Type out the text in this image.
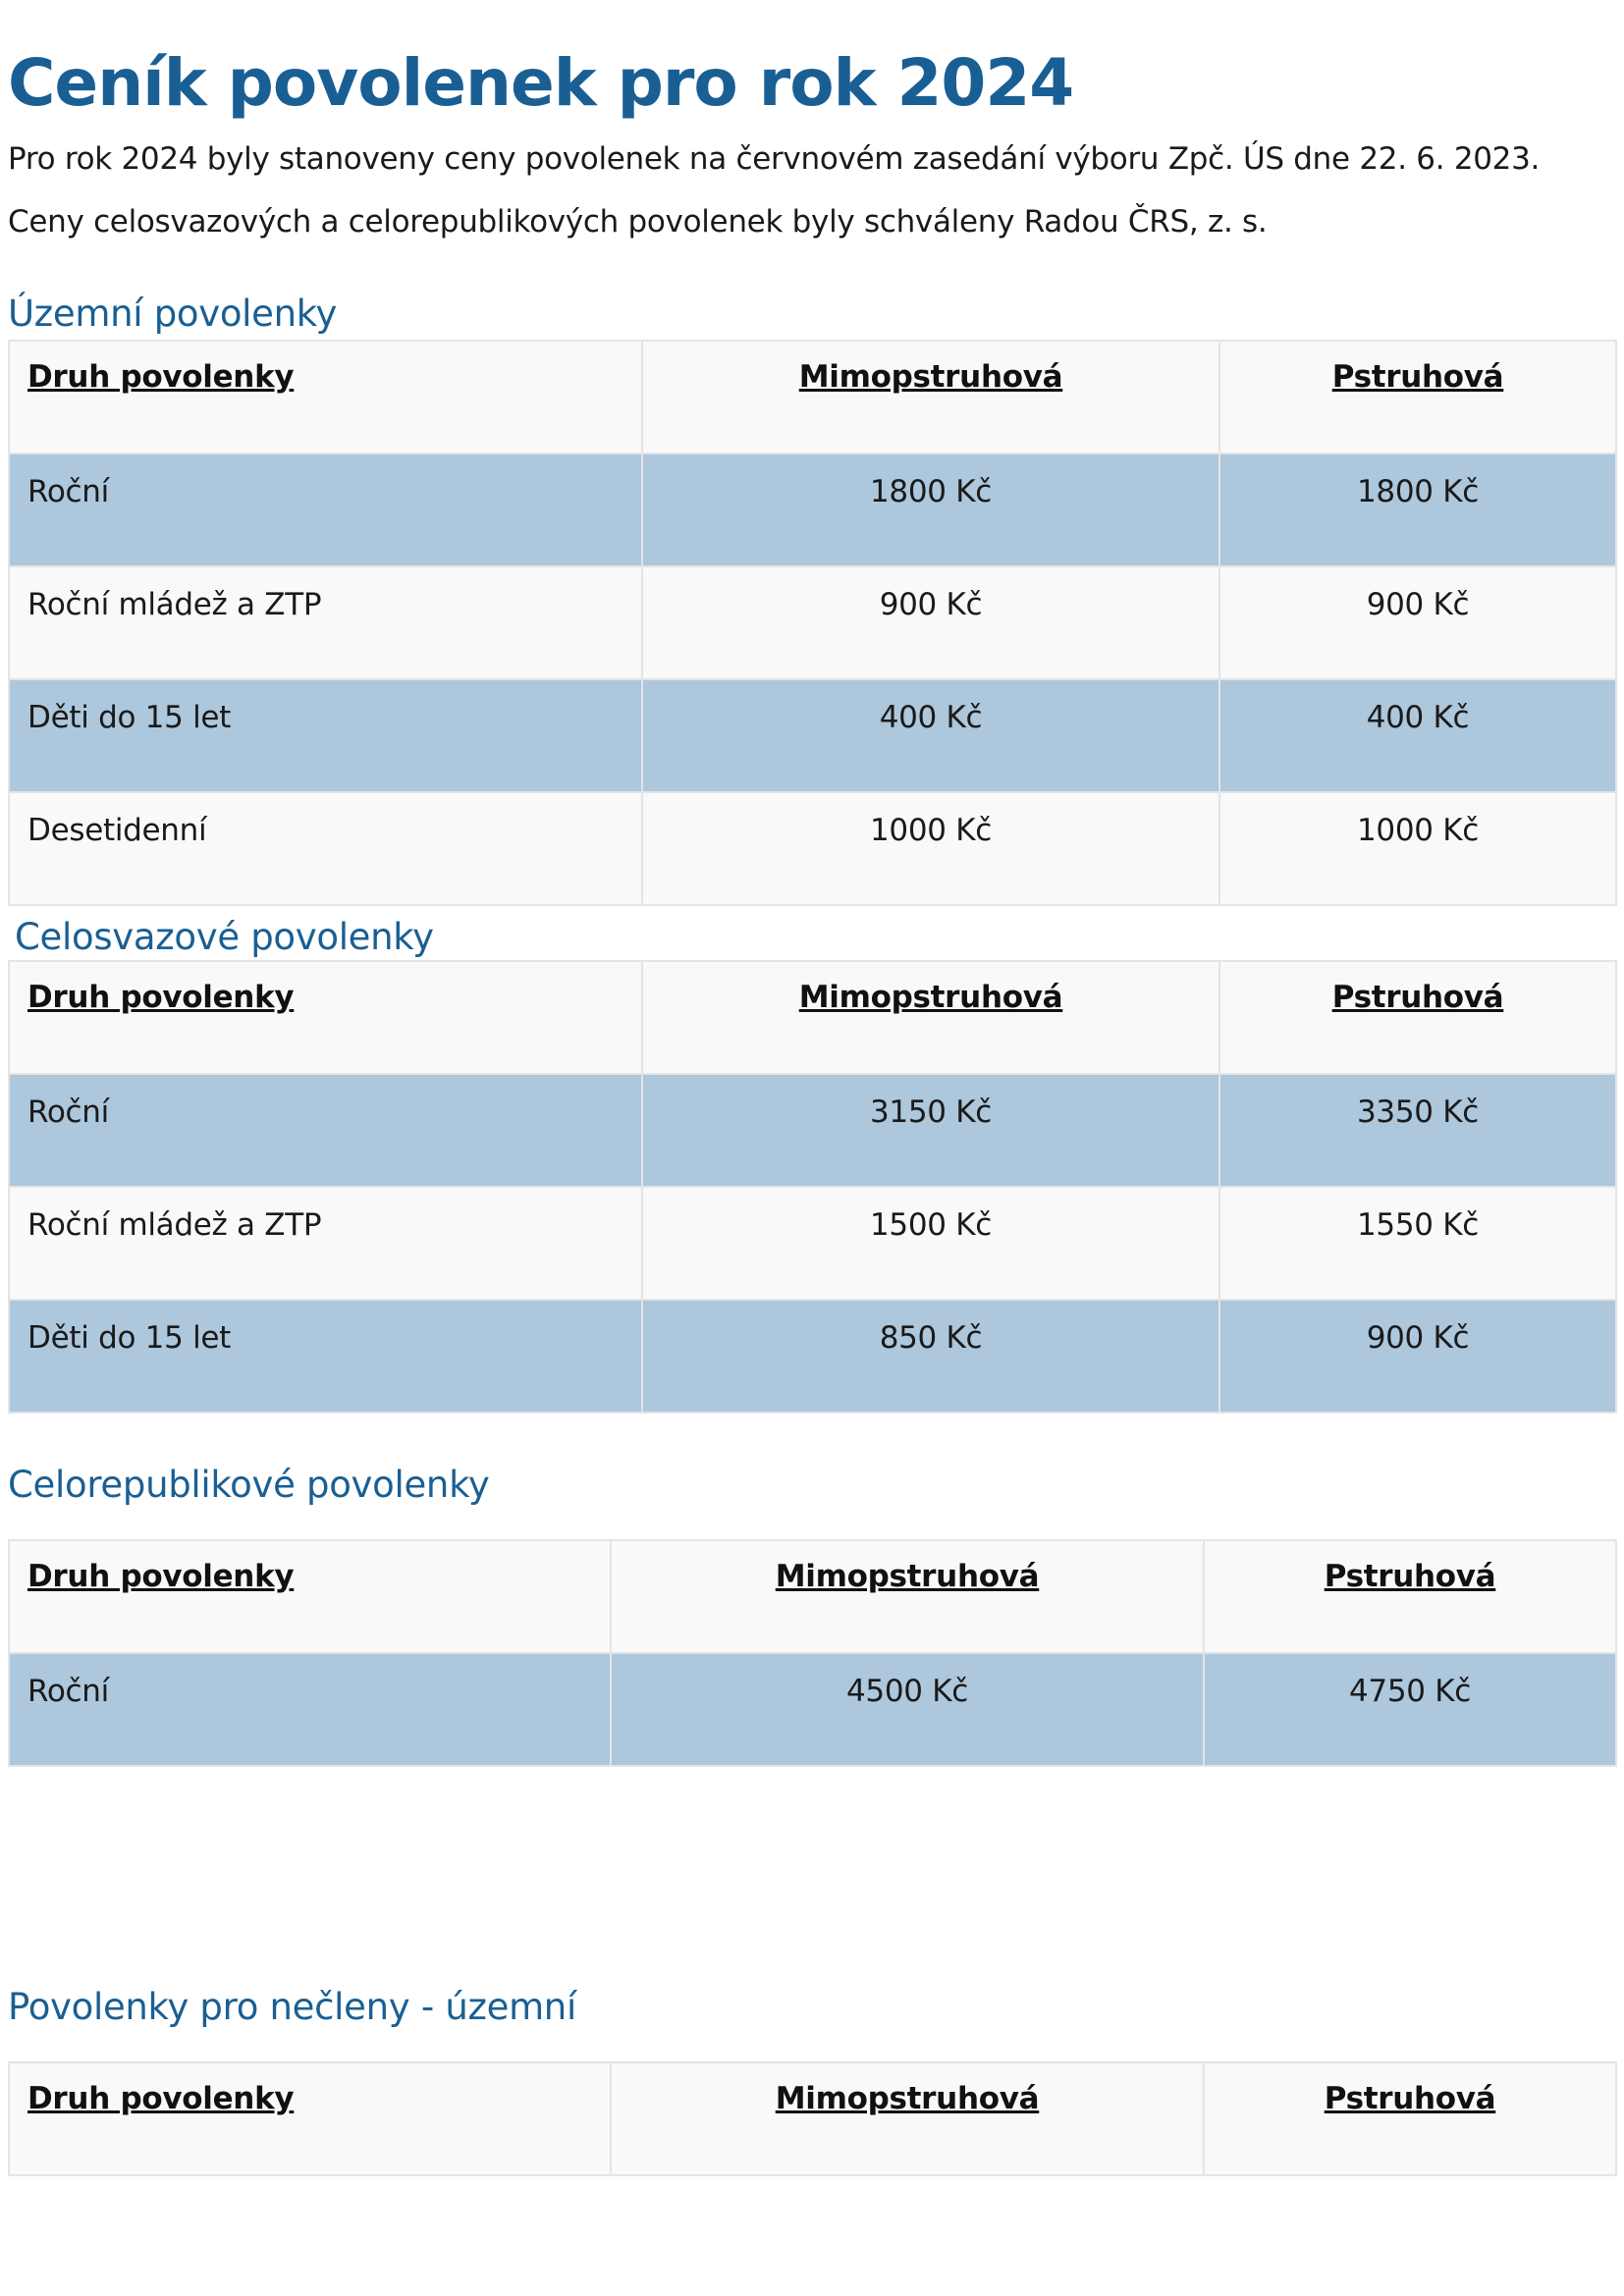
Ceník povolenek pro rok 2024

Pro rok 2024 byly stanoveny ceny povolenek na červnovém zasedání výboru Zpč. ÚS dne 22. 6. 2023.

Ceny celosvazových a celorepublikových povolenek byly schváleny Radou ČRS, z. s.

Územní povolenky
Druh povolenky	Mimopstruhová	Pstruhová
Roční	1800 Kč	1800 Kč
Roční mládež a ZTP	900 Kč	900 Kč
Děti do 15 let	400 Kč	400 Kč
Desetidenní	1000 Kč	1000 Kč
Celosvazové povolenky
Druh povolenky	Mimopstruhová	Pstruhová
Roční	3150 Kč	3350 Kč
Roční mládež a ZTP	1500 Kč	1550 Kč
Děti do 15 let	850 Kč	900 Kč
Celorepublikové povolenky
Druh povolenky	Mimopstruhová	Pstruhová
Roční	4500 Kč	4750 Kč
Povolenky pro nečleny - územní
Druh povolenky	Mimopstruhová	Pstruhová
